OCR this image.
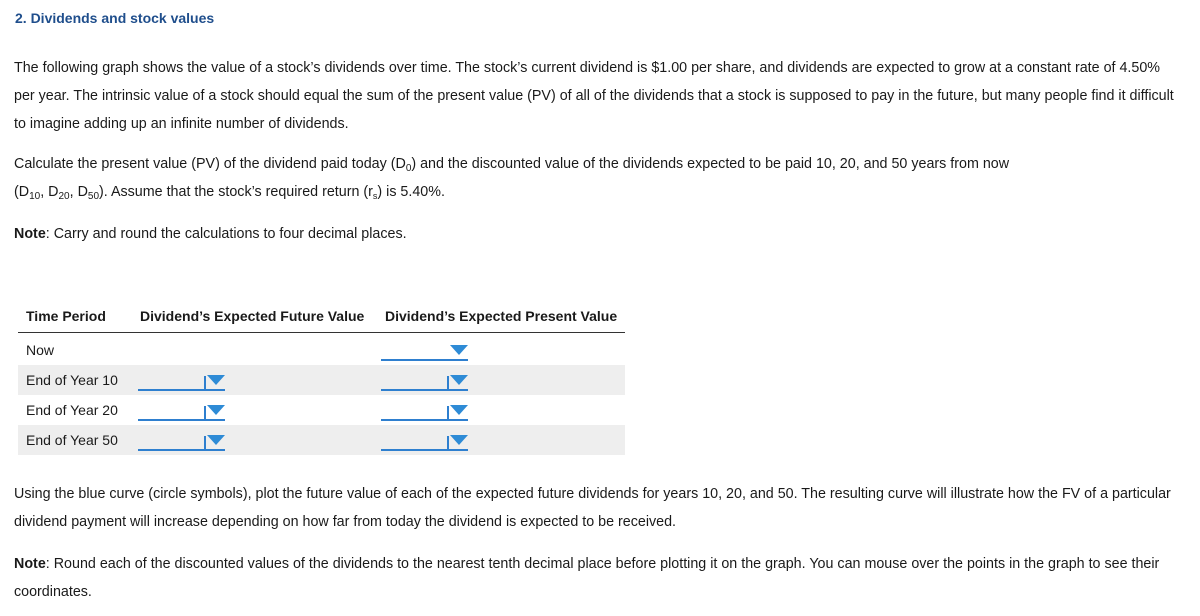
2. Dividends and stock values
The following graph shows the value of a stock’s dividends over time. The stock’s current dividend is $1.00 per share, and dividends are expected to grow at a constant rate of 4.50% per year. The intrinsic value of a stock should equal the sum of the present value (PV) of all of the dividends that a stock is supposed to pay in the future, but many people find it difficult to imagine adding up an infinite number of dividends.
Calculate the present value (PV) of the dividend paid today $(D_0)$ and the discounted value of the dividends expected to be paid 10, 20, and 50 years from now
($D_{10}$, $D_{20}$, $D_{50}$). Assume that the stock’s required return $(r_s)$ is 5.40%.
Note: Carry and round the calculations to four decimal places.
Time Period	Dividend’s Expected Future Value	Dividend’s Expected Present Value
Now		

End of Year 10	

End of Year 20	

End of Year 50	

Using the blue curve (circle symbols), plot the future value of each of the expected future dividends for years 10, 20, and 50. The resulting curve will illustrate how the FV of a particular dividend payment will increase depending on how far from today the dividend is expected to be received.
Note: Round each of the discounted values of the dividends to the nearest tenth decimal place before plotting it on the graph. You can mouse over the points in the graph to see their coordinates.
